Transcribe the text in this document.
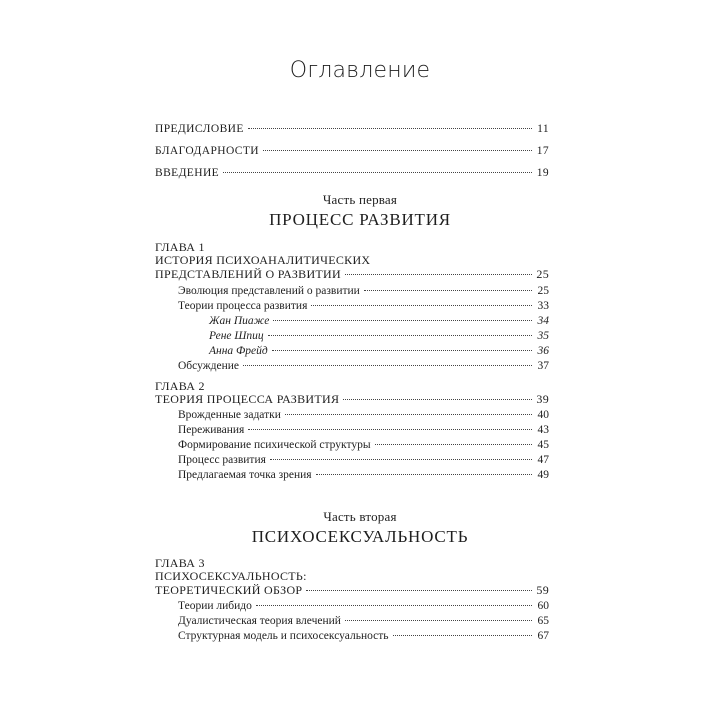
Оглавление
ПРЕДИСЛОВИЕ	11
БЛАГОДАРНОСТИ	17
ВВЕДЕНИЕ	19
Часть первая
ПРОЦЕСС РАЗВИТИЯ
ГЛАВА 1
ИСТОРИЯ ПСИХОАНАЛИТИЧЕСКИХ
ПРЕДСТАВЛЕНИЙ О РАЗВИТИИ	25
Эволюция представлений о развитии	25
Теории процесса развития	33
Жан Пиаже	34
Рене Шпиц	35
Анна Фрейд	36
Обсуждение	37
ГЛАВА 2
ТЕОРИЯ ПРОЦЕССА РАЗВИТИЯ	39
Врожденные задатки	40
Переживания	43
Формирование психической структуры	45
Процесс развития	47
Предлагаемая точка зрения	49
Часть вторая
ПСИХОСЕКСУАЛЬНОСТЬ
ГЛАВА 3
ПСИХОСЕКСУАЛЬНОСТЬ:
ТЕОРЕТИЧЕСКИЙ ОБЗОР	59
Теории либидо	60
Дуалистическая теория влечений	65
Структурная модель и психосексуальность	67
